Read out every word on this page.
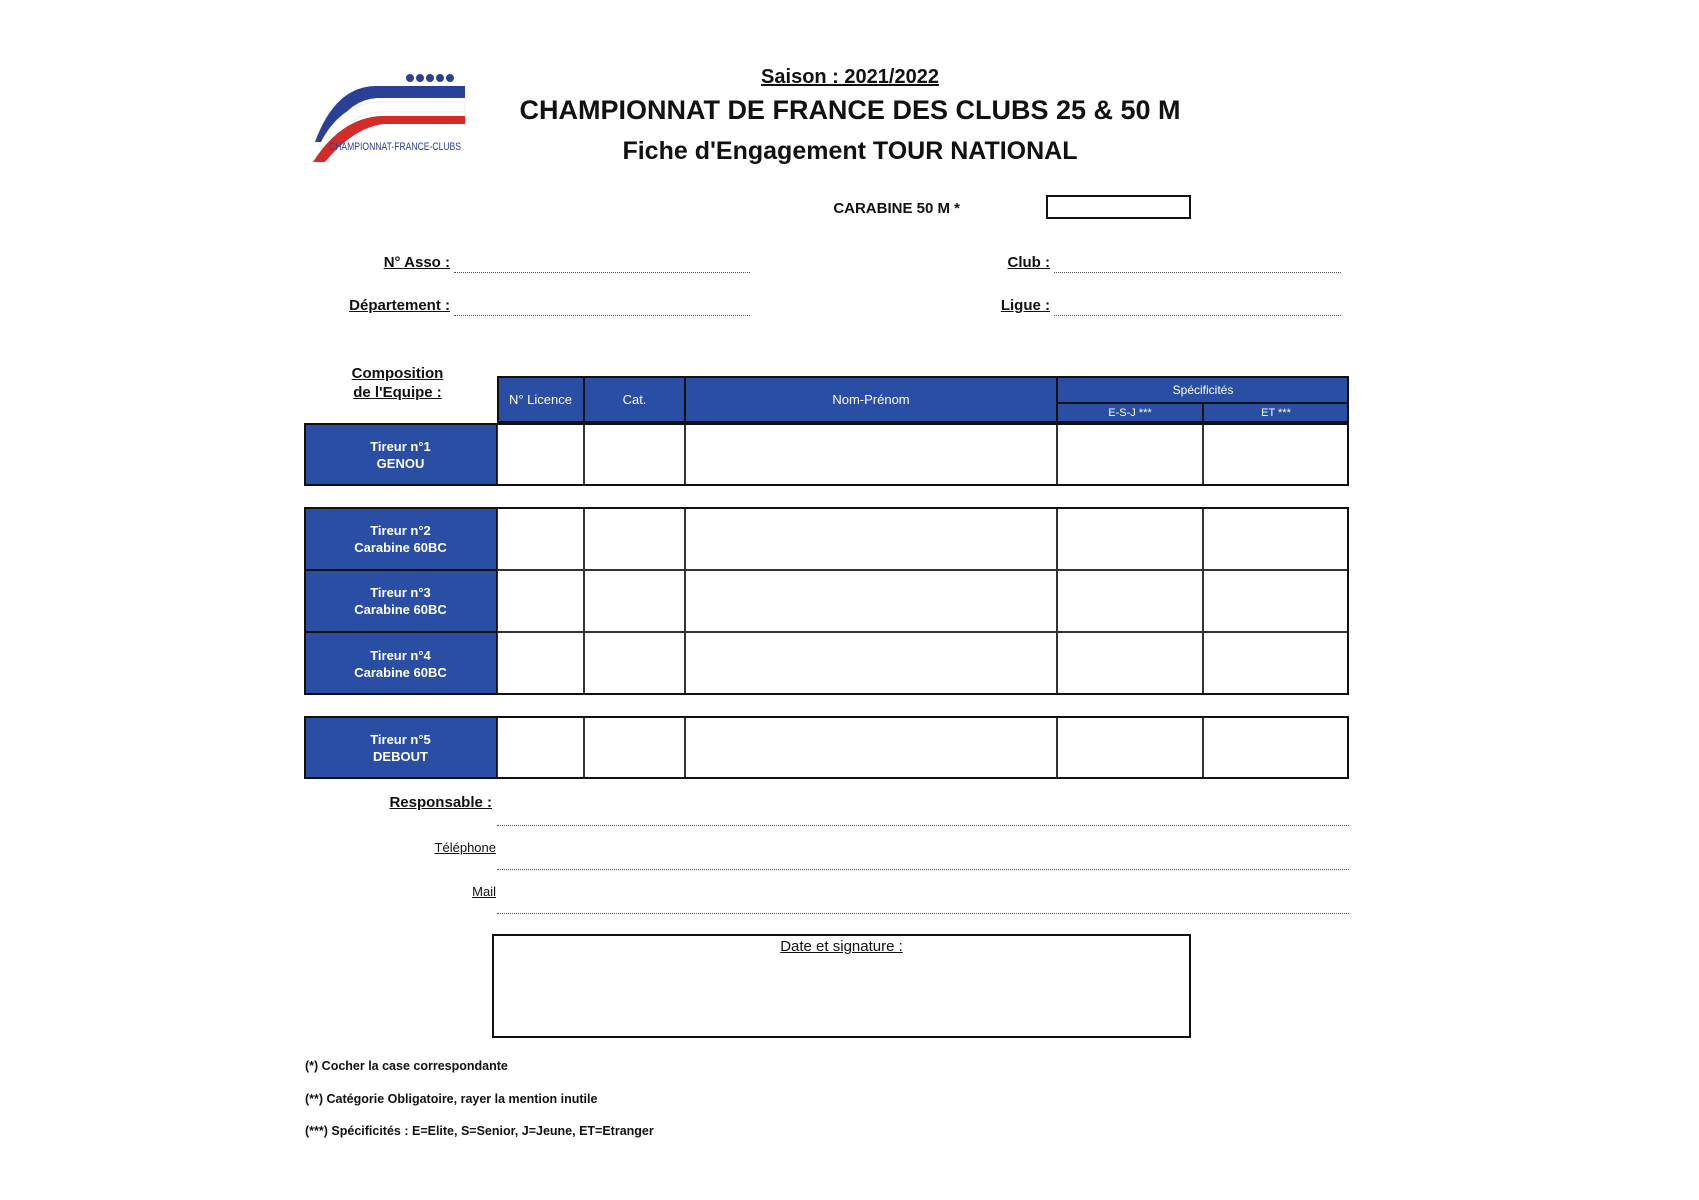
CHAMPIONNAT-FRANCE-CLUBS
Saison : 2021/2022
CHAMPIONNAT DE FRANCE DES CLUBS 25 & 50 M
Fiche d'Engagement TOUR NATIONAL
CARABINE 50 M *
N° Asso :	Club :
Département :	Ligue :
Composition
de l'Equipe :	N° Licence	Cat.	Nom-Prénom
Spécificités
E-S-J ***	ET ***
Tireur n°1
GENOU
Tireur n°2
Carabine 60BC
Tireur n°3
Carabine 60BC
Tireur n°4
Carabine 60BC
Tireur n°5
DEBOUT
Responsable :
Téléphone
Mail
Date et signature :
(*) Cocher la case correspondante
(**) Catégorie Obligatoire, rayer la mention inutile
(***) Spécificités : E=Elite, S=Senior, J=Jeune, ET=Etranger
